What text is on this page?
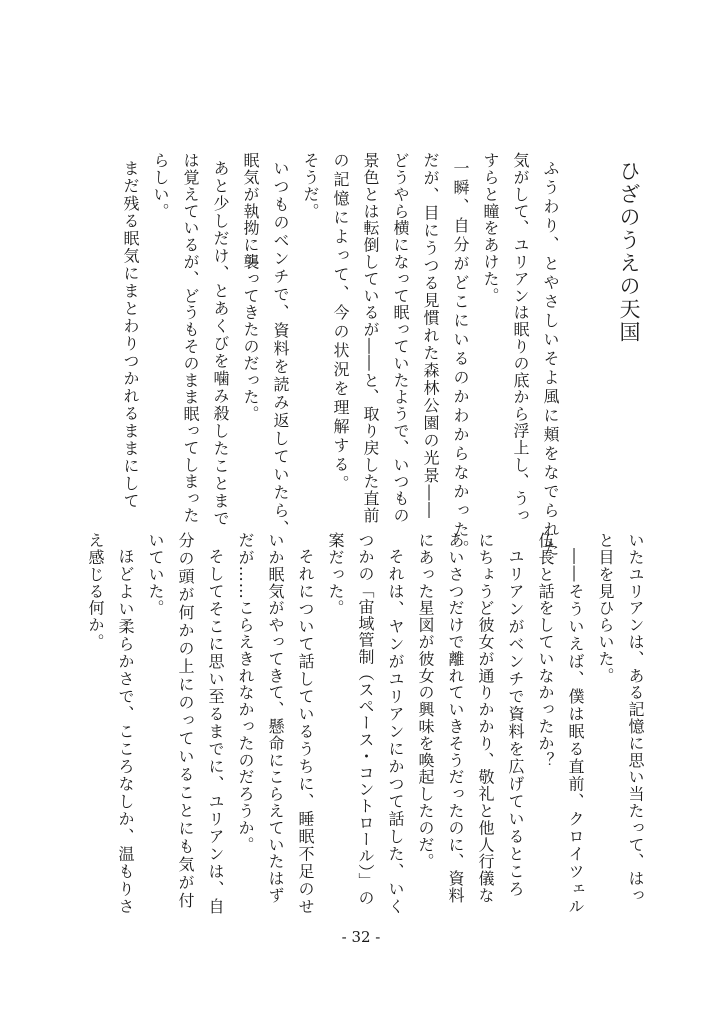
ひざのうえの天国
ふうわり、とやさしいそよ風に頬をなでられた
気がして、ユリアンは眠りの底から浮上し、うっ
すらと瞳をあけた。
一瞬、自分がどこにいるのかわからなかった。
だが、目にうつる見慣れた森林公園の光景――
どうやら横になって眠っていたようで、いつもの
景色とは転倒しているが――と、取り戻した直前
の記憶によって、今の状況を理解する。
そうだ。
いつものベンチで、資料を読み返していたら、
眠気が執拗に襲ってきたのだった。
あと少しだけ、とあくびを噛み殺したことまで
は覚えているが、どうもそのまま眠ってしまった
らしい。
まだ残る眠気にまとわりつかれるままにして
いたユリアンは、ある記憶に思い当たって、はっ
と目を見ひらいた。
――そういえば、僕は眠る直前、クロイツェル
伍長と話をしていなかったか？
ユリアンがベンチで資料を広げているところ
にちょうど彼女が通りかかり、敬礼と他人行儀な
あいさつだけで離れていきそうだったのに、資料
にあった星図が彼女の興味を喚起したのだ。
それは、ヤンがユリアンにかつて話した、いく
つかの「宙域管制（スペース・コントロール）」の
案だった。
それについて話しているうちに、睡眠不足のせ
いか眠気がやってきて、懸命にこらえていたはず
だが……こらえきれなかったのだろうか。
そしてそこに思い至るまでに、ユリアンは、自
分の頭が何かの上にのっていることにも気が付
いていた。
ほどよい柔らかさで、こころなしか、温もりさ
え感じる何か。
- 32 -
